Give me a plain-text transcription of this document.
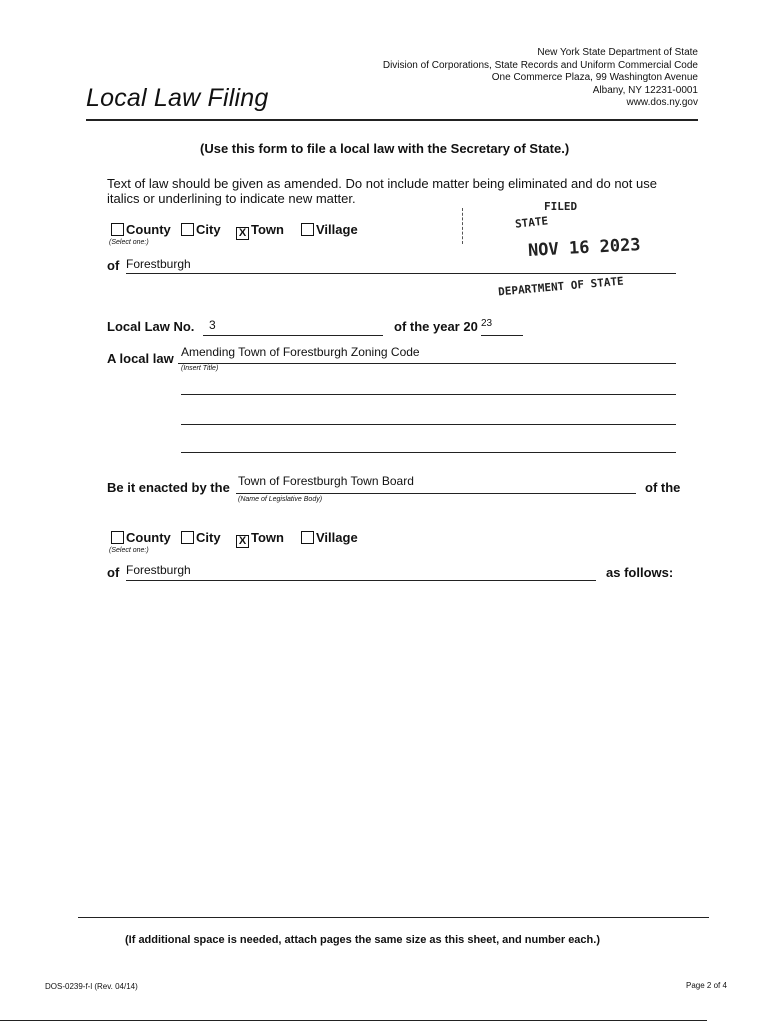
Local Law Filing
New York State Department of State
Division of Corporations, State Records and Uniform Commercial Code
One Commerce Plaza, 99 Washington Avenue
Albany, NY 12231-0001
www.dos.ny.gov
(Use this form to file a local law with the Secretary of State.)
Text of law should be given as amended. Do not include matter being eliminated and do not use
italics or underlining to indicate new matter.
County	City X Town	Village
(Select one:)
of Forestburgh
FILED
STATE
NOV 16 2023
DEPARTMENT OF STATE
Local Law No. 3	of the year 20 23
A local law Amending Town of Forestburgh Zoning Code
(Insert Title)
Be it enacted by the Town of Forestburgh Town Board
(Name of Legislative Body)
of the
County	City X Town	Village
(Select one:)
of Forestburgh	as follows:
(If additional space is needed, attach pages the same size as this sheet, and number each.)
DOS-0239-f-l (Rev. 04/14)	Page 2 of 4
